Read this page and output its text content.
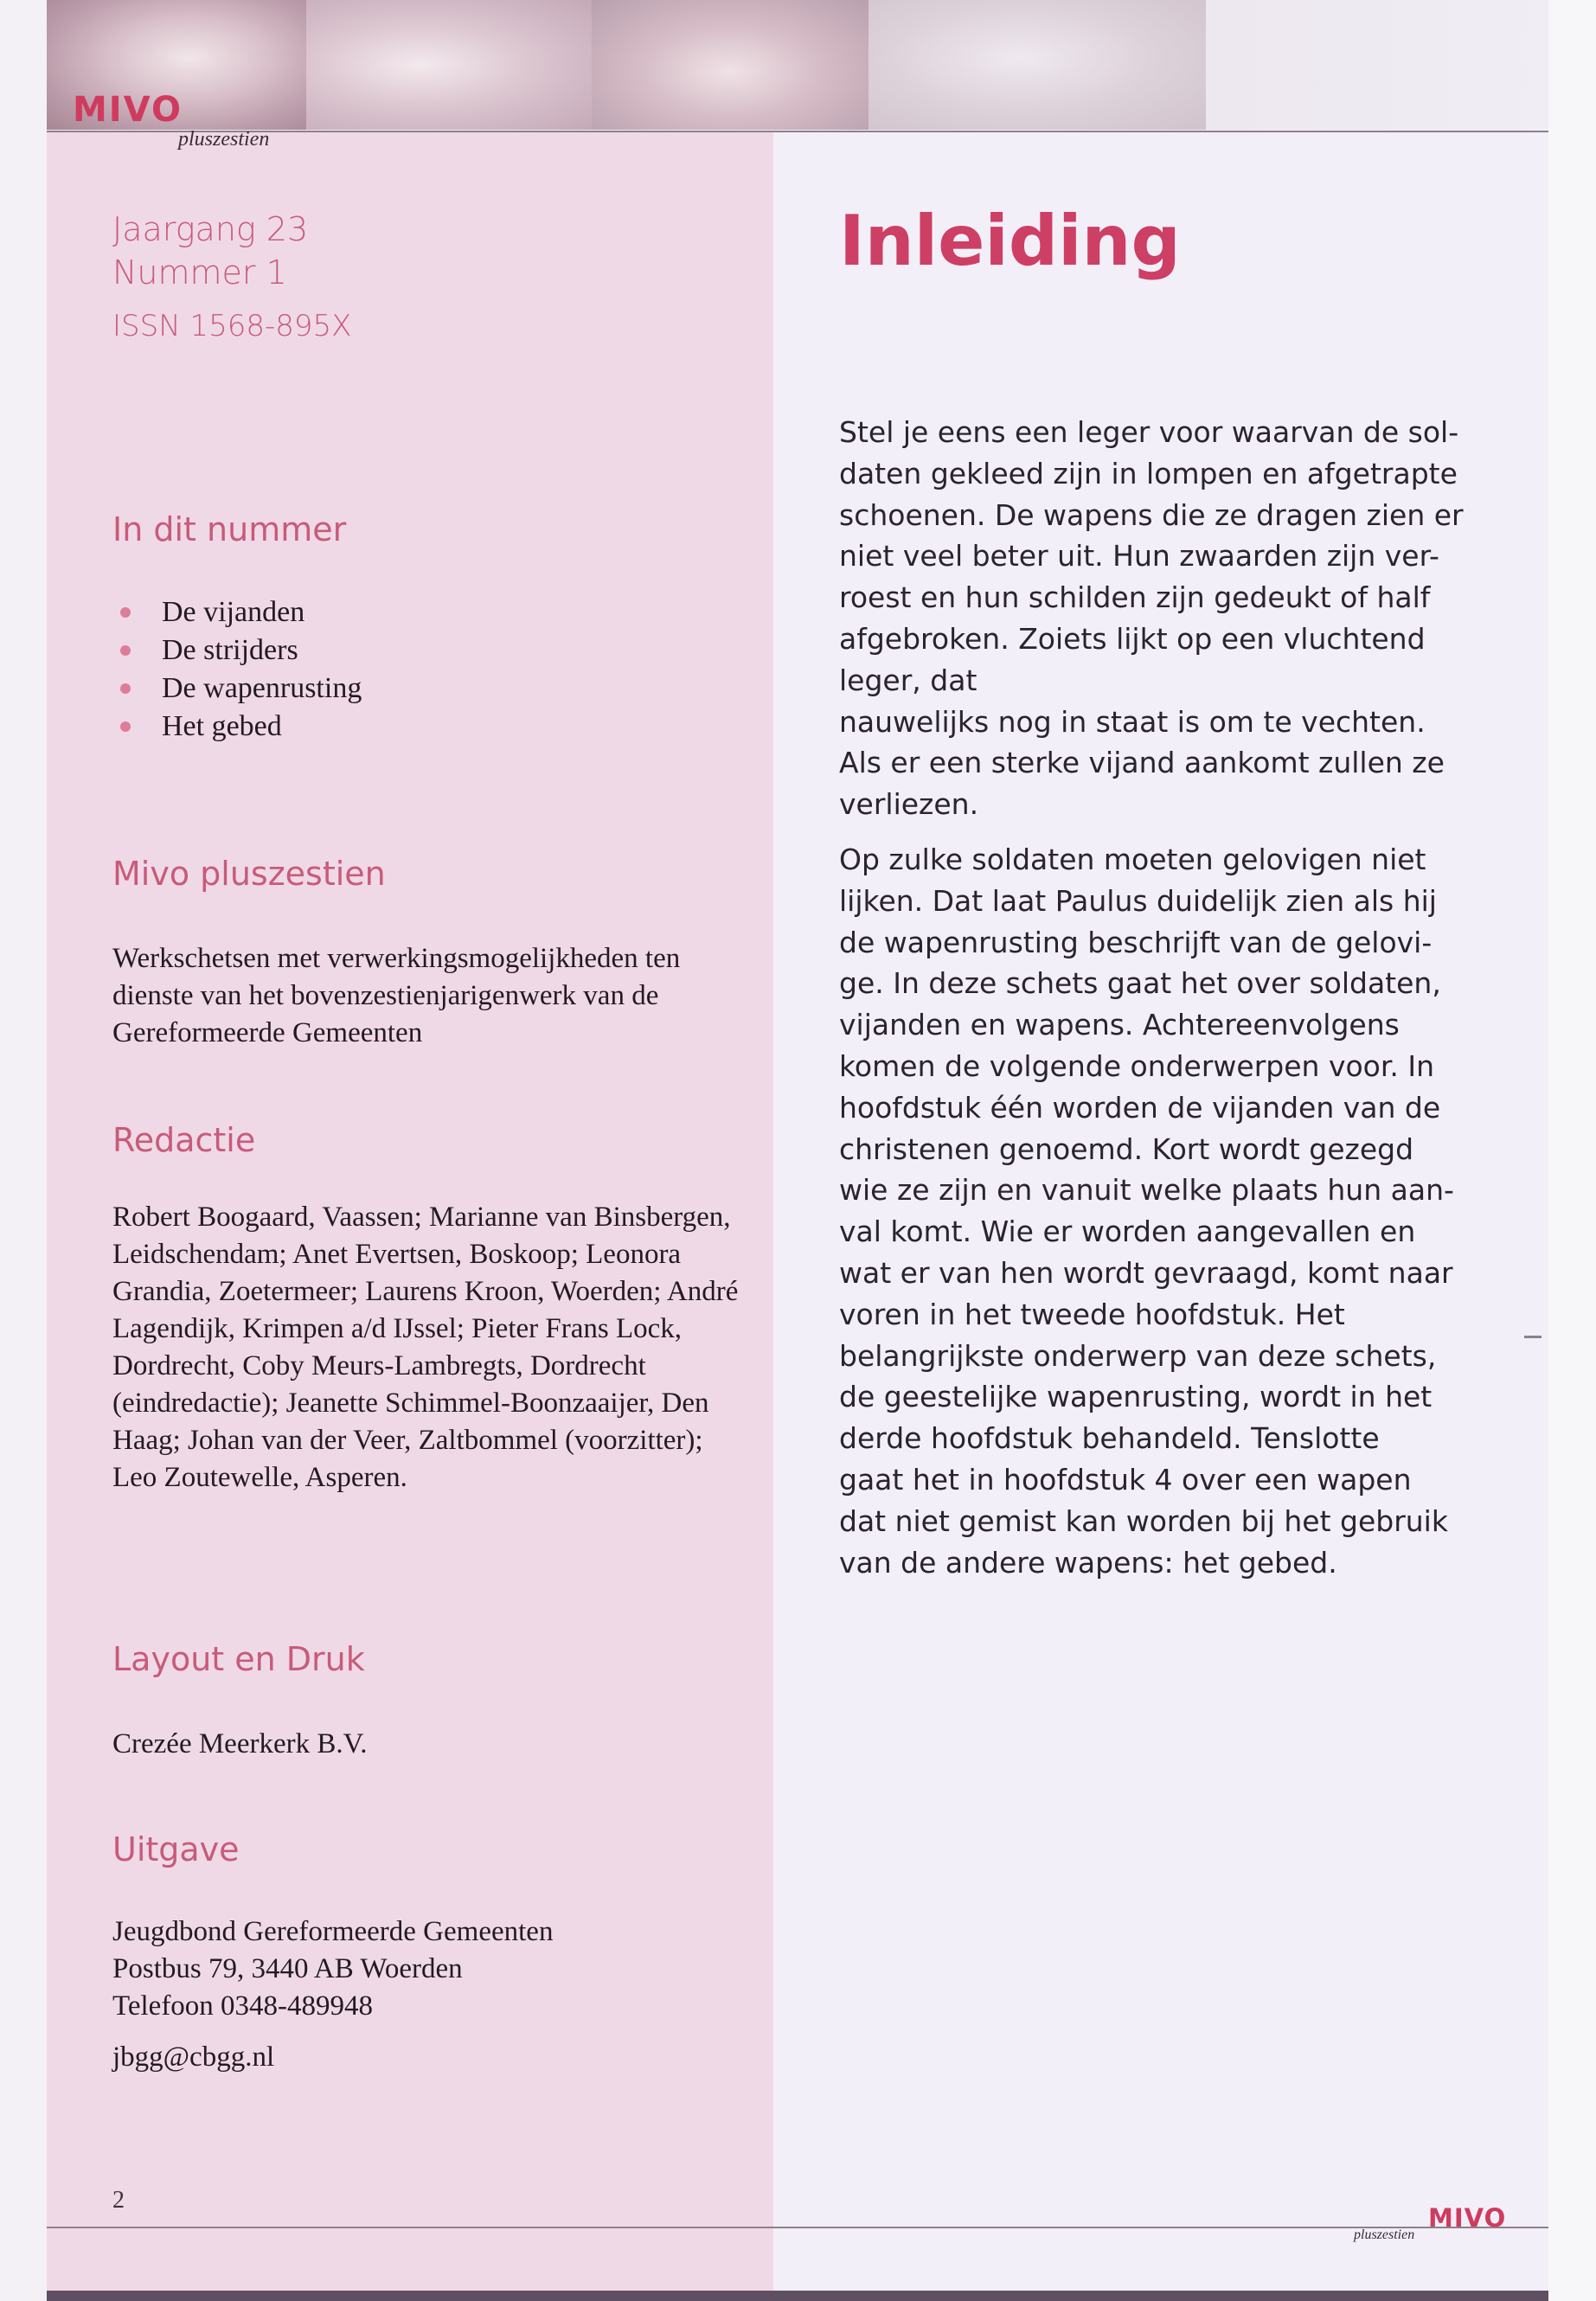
MIVO
pluszestien
Jaargang 23
Nummer 1
ISSN 1568-895X
In dit nummer
De vijanden
De strijders
De wapenrusting
Het gebed
Mivo pluszestien
Werkschetsen met verwerkingsmogelijkheden ten dienste van het bovenzestienjarigenwerk van de Gereformeerde Gemeenten
Redactie
Robert Boogaard, Vaassen; Marianne van Binsbergen, Leidschendam; Anet Evertsen, Boskoop; Leonora Grandia, Zoetermeer; Laurens Kroon, Woerden; André Lagendijk, Krimpen a/d IJssel; Pieter Frans Lock, Dordrecht, Coby Meurs-Lambregts, Dordrecht (eindredactie); Jeanette Schimmel-Boonzaaijer, Den Haag; Johan van der Veer, Zaltbommel (voorzitter); Leo Zoutewelle, Asperen.
Layout en Druk
Crezée Meerkerk B.V.
Uitgave

Jeugdbond Gereformeerde Gemeenten

Postbus 79, 3440 AB Woerden

Telefoon 0348-489948

jbgg@cbgg.nl

2
Inleiding

Stel je eens een leger voor waarvan de sol-
daten gekleed zijn in lompen en afgetrapte
schoenen. De wapens die ze dragen zien er
niet veel beter uit. Hun zwaarden zijn ver-
roest en hun schilden zijn gedeukt of half
afgebroken. Zoiets lijkt op een vluchtend
leger, dat
nauwelijks nog in staat is om te vechten.
Als er een sterke vijand aankomt zullen ze
verliezen.

Op zulke soldaten moeten gelovigen niet
lijken. Dat laat Paulus duidelijk zien als hij
de wapenrusting beschrijft van de gelovi-
ge. In deze schets gaat het over soldaten,
vijanden en wapens. Achtereenvolgens
komen de volgende onderwerpen voor. In
hoofdstuk één worden de vijanden van de
christenen genoemd. Kort wordt gezegd
wie ze zijn en vanuit welke plaats hun aan-
val komt. Wie er worden aangevallen en
wat er van hen wordt gevraagd, komt naar
voren in het tweede hoofdstuk. Het
belangrijkste onderwerp van deze schets,
de geestelijke wapenrusting, wordt in het
derde hoofdstuk behandeld. Tenslotte
gaat het in hoofdstuk 4 over een wapen
dat niet gemist kan worden bij het gebruik
van de andere wapens: het gebed.

MIVO
pluszestien
